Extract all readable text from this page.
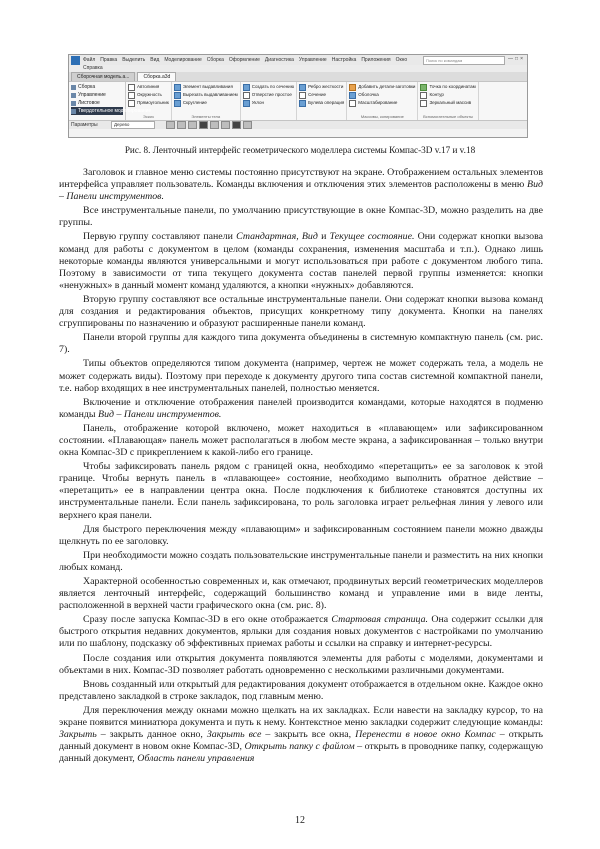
Файл Правка Выделить Вид Моделирование Сборка Оформление Диагностика Управление Настройка Приложения Окно	Поиск по командам	—□×
Справка
Сборочная модель.a...	Сборка.a3d
Сборка
Управление
Листовое
Твердотельное моделирование
Автолиния
Окружность
Прямоугольник
Эскиз
Элемент выдавливания
Вырезать выдавливанием
Скругление
Элементы тела
Создать по сечению
Отверстие простое
Уклон
Ребро жесткости
Сечение
Булева операция
Добавить детали-заготовки
Оболочка
Масштабирование
Массивы, копирование
Точка по координатам
Контур
Зеркальный массив
Вспомогательные объекты
Параметры	Дерево
Рис. 8. Ленточный интерфейс геометрического моделлера системы Компас-3D v.17 и v.18

Заголовок и главное меню системы постоянно присутствуют на экране. Отображением остальных элементов интерфейса управляет пользователь. Команды включения и отключения этих элементов расположены в меню Вид – Панели инструментов.

Все инструментальные панели, по умолчанию присутствующие в окне Компас-3D, можно разделить на две группы.

Первую группу составляют панели Стандартная, Вид и Текущее состояние. Они содержат кнопки вызова команд для работы с документом в целом (команды сохранения, изменения масштаба и т.п.). Однако лишь некоторые команды являются универсальными и могут использоваться при работе с документом любого типа. Поэтому в зависимости от типа текущего документа состав панелей первой группы изменяется: кнопки «ненужных» в данный момент команд удаляются, а кнопки «нужных» добавляются.

Вторую группу составляют все остальные инструментальные панели. Они содержат кнопки вызова команд для создания и редактирования объектов, присущих конкретному типу документа. Кнопки на панелях сгруппированы по назначению и образуют расширенные панели команд.

Панели второй группы для каждого типа документа объединены в системную компактную панель (см. рис. 7).

Типы объектов определяются типом документа (например, чертеж не может содержать тела, а модель не может содержать виды). Поэтому при переходе к документу другого типа состав системной компактной панели, т.е. набор входящих в нее инструментальных панелей, полностью меняется.

Включение и отключение отображения панелей производится командами, которые находятся в подменю команды Вид – Панели инструментов.

Панель, отображение которой включено, может находиться в «плавающем» или зафиксированном состоянии. «Плавающая» панель может располагаться в любом месте экрана, а зафиксированная – только внутри окна Компас-3D с прикреплением к какой-либо его границе.

Чтобы зафиксировать панель рядом с границей окна, необходимо «перетащить» ее за заголовок к этой границе. Чтобы вернуть панель в «плавающее» состояние, необходимо выполнить обратное действие – «перетащить» ее в направлении центра окна. После подключения к библиотеке становятся доступны их инструментальные панели. Если панель зафиксирована, то роль заголовка играет рельефная линия у левого или верхнего края панели.

Для быстрого переключения между «плавающим» и зафиксированным состоянием панели можно дважды щелкнуть по ее заголовку.

При необходимости можно создать пользовательские инструментальные панели и разместить на них кнопки любых команд.

Характерной особенностью современных и, как отмечают, продвинутых версий геометрических моделлеров является ленточный интерфейс, содержащий большинство команд и управление ими в виде ленты, расположенной в верхней части графического окна (см. рис. 8).

Сразу после запуска Компас-3D в его окне отображается Стартовая страница. Она содержит ссылки для быстрого открытия недавних документов, ярлыки для создания новых документов с настройками по умолчанию или по шаблону, подсказку об эффективных приемах работы и ссылки на справку и интернет-ресурсы.

После создания или открытия документа появляются элементы для работы с моделями, документами и объектами в них. Компас-3D позволяет работать одновременно с несколькими различными документами.

Вновь созданный или открытый для редактирования документ отображается в отдельном окне. Каждое окно представлено закладкой в строке закладок, под главным меню.

Для переключения между окнами можно щелкать на их закладках. Если навести на закладку курсор, то на экране появится миниатюра документа и путь к нему. Контекстное меню закладки содержит следующие команды: Закрыть – закрыть данное окно, Закрыть все – закрыть все окна, Перенести в новое окно Компас – открыть данный документ в новом окне Компас-3D, Открыть папку с файлом – открыть в проводнике папку, содержащую данный документ, Область панели управления

12
